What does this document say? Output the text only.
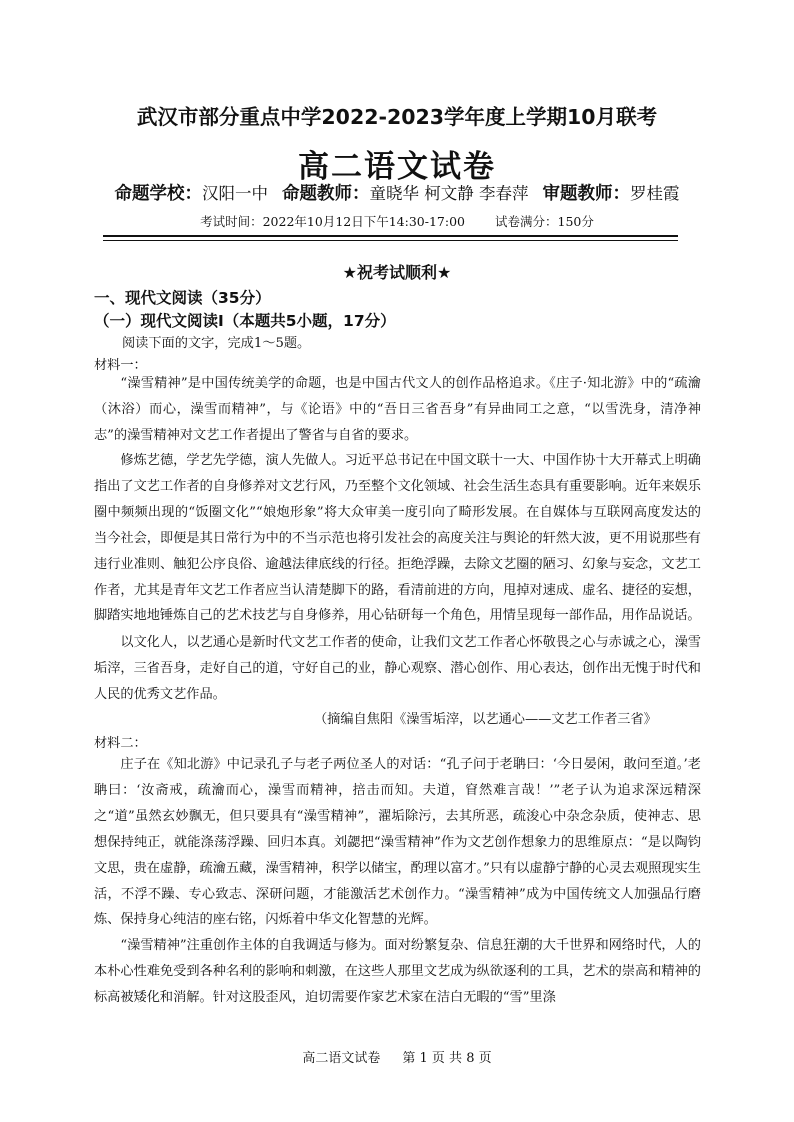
武汉市部分重点中学2022-2023学年度上学期10月联考
高二语文试卷
命题学校：汉阳一中 命题教师：童晓华 柯文静 李春萍 审题教师：罗桂霞
考试时间：2022年10月12日下午14:30-17:00 试卷满分：150分
★祝考试顺利★
一、现代文阅读（35分）
（一）现代文阅读Ⅰ（本题共5小题，17分）
阅读下面的文字，完成1～5题。
材料一：

“澡雪精神”是中国传统美学的命题，也是中国古代文人的创作品格追求。《庄子·知北游》中的“疏瀹（沐浴）而心，澡雪而精神”，与《论语》中的“吾日三省吾身”有异曲同工之意，“以雪洗身，清净神志”的澡雪精神对文艺工作者提出了警省与自省的要求。

修炼艺德，学艺先学德，演人先做人。习近平总书记在中国文联十一大、中国作协十大开幕式上明确指出了文艺工作者的自身修养对文艺行风，乃至整个文化领域、社会生活生态具有重要影响。近年来娱乐圈中频频出现的“饭圈文化”“娘炮形象”将大众审美一度引向了畸形发展。在自媒体与互联网高度发达的当今社会，即便是其日常行为中的不当示范也将引发社会的高度关注与舆论的轩然大波，更不用说那些有违行业准则、触犯公序良俗、逾越法律底线的行径。拒绝浮躁，去除文艺圈的陋习、幻象与妄念，文艺工作者，尤其是青年文艺工作者应当认清楚脚下的路，看清前进的方向，甩掉对速成、虚名、捷径的妄想，脚踏实地地锤炼自己的艺术技艺与自身修养，用心钻研每一个角色，用情呈现每一部作品，用作品说话。

以文化人，以艺通心是新时代文艺工作者的使命，让我们文艺工作者心怀敬畏之心与赤诚之心，澡雪垢滓，三省吾身，走好自己的道，守好自己的业，静心观察、潜心创作、用心表达，创作出无愧于时代和人民的优秀文艺作品。

（摘编自焦阳《澡雪垢滓，以艺通心——文艺工作者三省》
材料二：

庄子在《知北游》中记录孔子与老子两位圣人的对话：“孔子问于老聃曰：‘今日晏闲，敢问至道。’老聃曰：‘汝斋戒，疏瀹而心，澡雪而精神，掊击而知。夫道，窅然难言哉！’”老子认为追求深远精深之“道”虽然玄妙飘无，但只要具有“澡雪精神”，濯垢除污，去其所恶，疏浚心中杂念杂质，使神志、思想保持纯正，就能涤荡浮躁、回归本真。刘勰把“澡雪精神”作为文艺创作想象力的思维原点：“是以陶钧文思，贵在虚静，疏瀹五藏，澡雪精神，积学以储宝，酌理以富才。”只有以虚静宁静的心灵去观照现实生活，不浮不躁、专心致志、深研问题，才能激活艺术创作力。“澡雪精神”成为中国传统文人加强品行磨炼、保持身心纯洁的座右铭，闪烁着中华文化智慧的光辉。

“澡雪精神”注重创作主体的自我调适与修为。面对纷繁复杂、信息狂潮的大千世界和网络时代，人的本朴心性难免受到各种名利的影响和刺激，在这些人那里文艺成为纵欲逐利的工具，艺术的崇高和精神的标高被矮化和消解。针对这股歪风，迫切需要作家艺术家在洁白无暇的“雪”里涤

高二语文试卷 第 1 页 共 8 页
